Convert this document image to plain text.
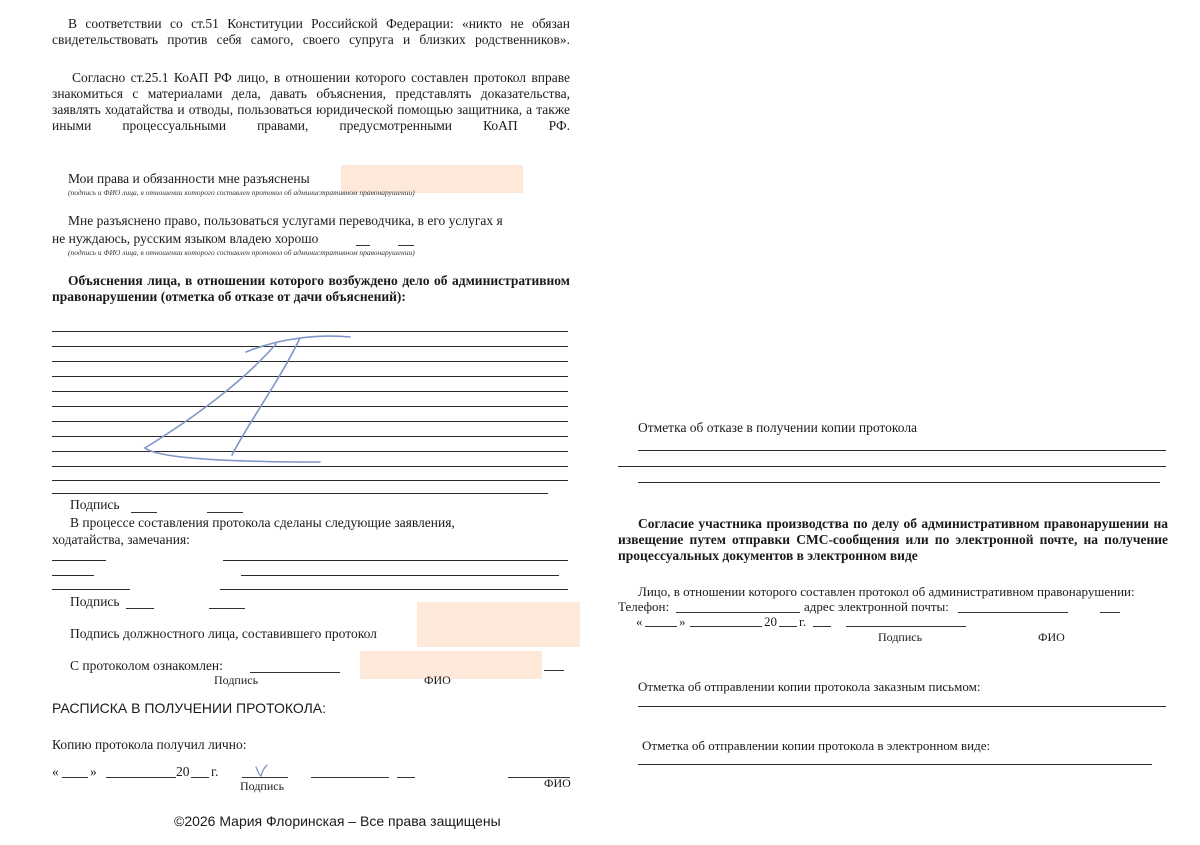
В соответствии со ст.51 Конституции Российской Федерации: «никто не обязан свидетельствовать против себя самого, своего супруга и близких родственников».
Согласно ст.25.1 КоАП РФ лицо, в отношении которого составлен протокол вправе знакомиться с материалами дела, давать объяснения, представлять доказательства, заявлять ходатайства и отводы, пользоваться юридической помощью защитника, а также иными процессуальными правами, предусмотренными КоАП РФ.
Мои права и обязанности мне разъяснены
(подпись и ФИО лица, в отношении которого составлен протокол об административном правонарушении)
Мне разъяснено право, пользоваться услугами переводчика, в его услугах я
не нуждаюсь, русским языком владею хорошо
(подпись и ФИО лица, в отношении которого составлен протокол об административном правонарушении)
Объяснения лица, в отношении которого возбуждено дело об административном правонарушении (отметка об отказе от дачи объяснений):
Подпись
В процессе составления протокола сделаны следующие заявления,
ходатайства, замечания:
Подпись
Подпись должностного лица, составившего протокол
С протоколом ознакомлен:
Подпись	ФИО
РАСПИСКА В ПОЛУЧЕНИИ ПРОТОКОЛА:
Копию протокола получил лично:
« »	20 г.
Подпись	ФИО
Отметка об отказе в получении копии протокола
Согласие участника производства по делу об административном правонарушении на извещение путем отправки СМС-сообщения или по электронной почте, на получение процессуальных документов в электронном виде
Лицо, в отношении которого составлен протокол об административном правонарушении:
Телефон:	адрес электронной почты:
«	»	20 г.
Подпись	ФИО
Отметка об отправлении копии протокола заказным письмом:
Отметка об отправлении копии протокола в электронном виде:
©2026 Мария Флоринская – Все права защищены
